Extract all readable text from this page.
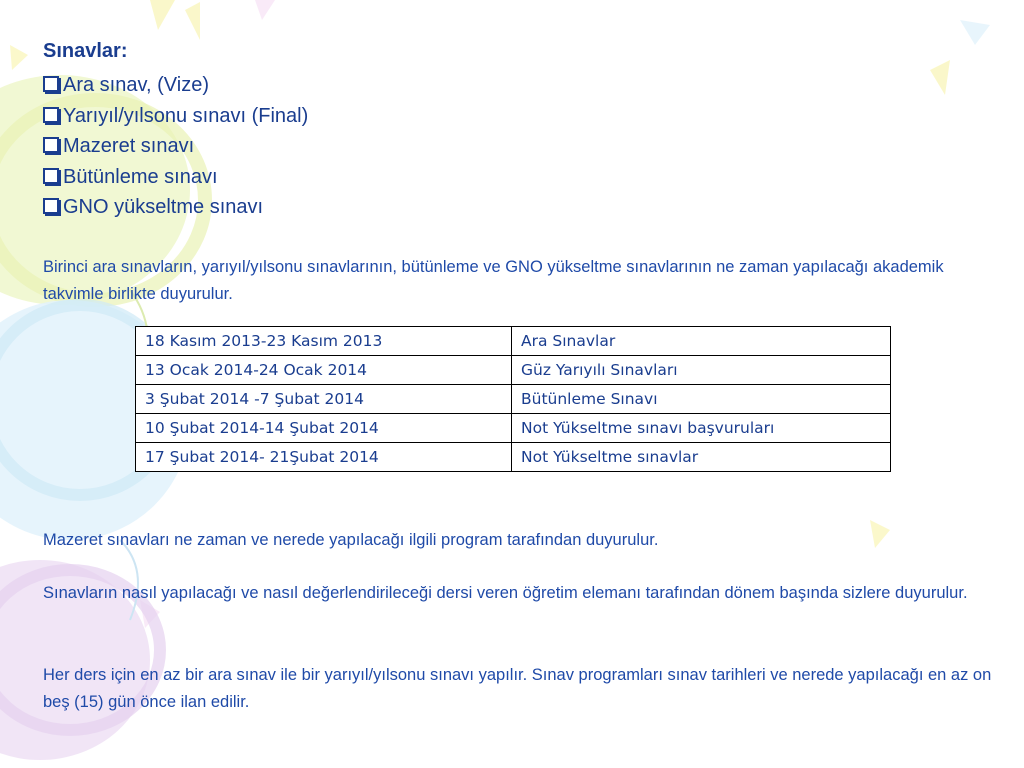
Sınavlar:
Ara sınav, (Vize)
Yarıyıl/yılsonu sınavı (Final)
Mazeret sınavı
Bütünleme sınavı
GNO yükseltme sınavı

Birinci ara sınavların, yarıyıl/yılsonu sınavlarının, bütünleme ve GNO yükseltme sınavlarının ne zaman yapılacağı akademik takvimle birlikte duyurulur.

18 Kasım 2013-23 Kasım 2013	Ara Sınavlar
13 Ocak 2014-24 Ocak 2014	Güz Yarıyılı Sınavları
3 Şubat 2014 -7 Şubat 2014	Bütünleme Sınavı
10 Şubat 2014-14 Şubat 2014	Not Yükseltme sınavı başvuruları
17 Şubat 2014- 21Şubat 2014	Not Yükseltme sınavlar

Mazeret sınavları ne zaman ve nerede yapılacağı ilgili program tarafından duyurulur.

Sınavların nasıl yapılacağı ve nasıl değerlendirileceği dersi veren öğretim elemanı tarafından dönem başında sizlere duyurulur.

Her ders için en az bir ara sınav ile bir yarıyıl/yılsonu sınavı yapılır. Sınav programları sınav tarihleri ve nerede yapılacağı en az on beş (15) gün önce ilan edilir.
